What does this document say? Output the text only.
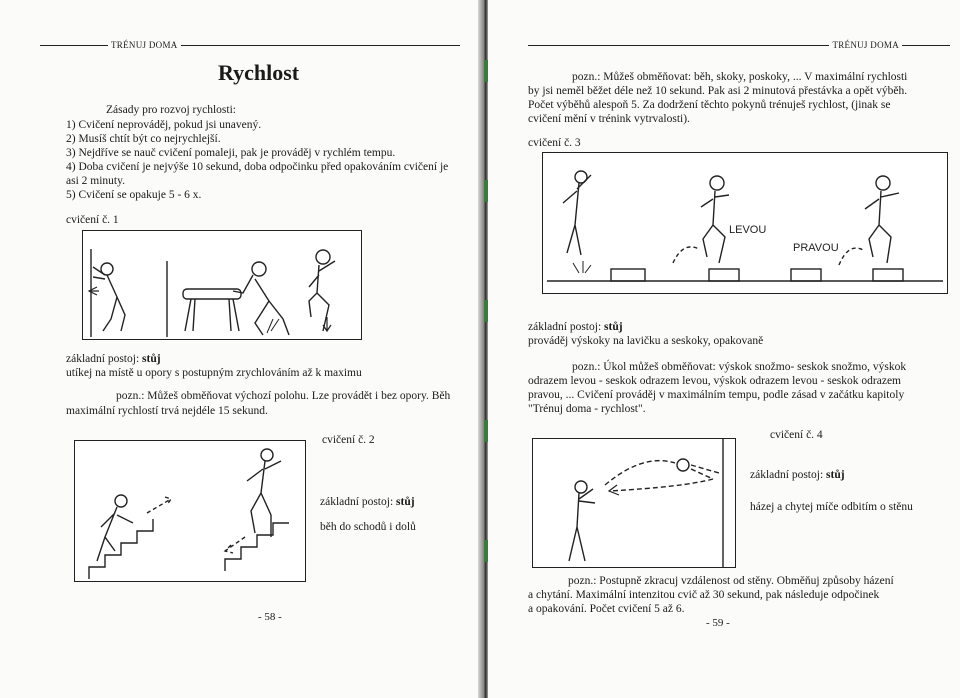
TRÉNUJ DOMA
Rychlost
Zásady pro rozvoj rychlosti:
1) Cvičení neprováděj, pokud jsi unavený.
2) Musíš chtít být co nejrychlejší.
3) Nejdříve se nauč cvičení pomaleji, pak je prováděj v rychlém tempu.
4) Doba cvičení je nejvýše 10 sekund, doba odpočinku před opakováním cvičení je
asi 2 minuty.
5) Cvičení se opakuje 5 - 6 x.
cvičení č. 1
základní postoj: stůj
utíkej na místě u opory s postupným zrychlováním až k maximu
pozn.: Můžeš obměňovat výchozí polohu. Lze provádět i bez opory. Běh
maximální rychlostí trvá nejdéle 15 sekund.
cvičení č. 2
základní postoj: stůj
běh do schodů i dolů
- 58 -
TRÉNUJ DOMA
pozn.: Můžeš obměňovat: běh, skoky, poskoky, ... V maximální rychlosti
by jsi neměl běžet déle než 10 sekund. Pak asi 2 minutová přestávka a opět výběh.
Počet výběhů alespoň 5. Za dodržení těchto pokynů trénuješ rychlost, (jinak se
cvičení mění v trénink vytrvalosti).
cvičení č. 3
LEVOU
PRAVOU
základní postoj: stůj
prováděj výskoky na lavičku a seskoky, opakovaně
pozn.: Úkol můžeš obměňovat: výskok snožmo- seskok snožmo, výskok
odrazem levou - seskok odrazem levou, výskok odrazem levou - seskok odrazem
pravou, ... Cvičení prováděj v maximálním tempu, podle zásad v začátku kapitoly
"Trénuj doma - rychlost".
cvičení č. 4
základní postoj: stůj
házej a chytej míče odbitím o stěnu
pozn.: Postupně zkracuj vzdálenost od stěny. Obměňuj způsoby házení
a chytání. Maximální intenzitou cvič až 30 sekund, pak následuje odpočinek
a opakování. Počet cvičení 5 až 6.
- 59 -
